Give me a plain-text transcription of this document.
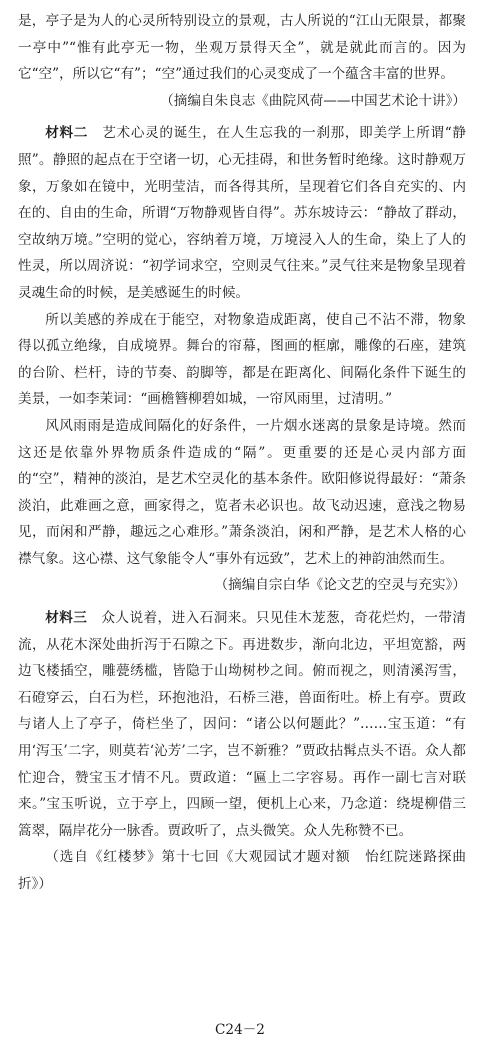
是，亭子是为人的心灵所特别设立的景观，古人所说的“江山无限景，都聚一亭中”“惟有此亭无一物，坐观万景得天全”，就是就此而言的。因为它“空”，所以它“有”；“空”通过我们的心灵变成了一个蕴含丰富的世界。

（摘编自朱良志《曲院风荷——中国艺术论十讲》）

材料二　 艺术心灵的诞生，在人生忘我的一刹那，即美学上所谓“静照”。静照的起点在于空诸一切，心无挂碍，和世务暂时绝缘。这时静观万象，万象如在镜中，光明莹洁，而各得其所，呈现着它们各自充实的、内在的、自由的生命，所谓“万物静观皆自得”。苏东坡诗云：“静故了群动，空故纳万境。”空明的觉心，容纳着万境，万境浸入人的生命，染上了人的性灵，所以周济说：“初学词求空，空则灵气往来。”灵气往来是物象呈现着灵魂生命的时候，是美感诞生的时候。

所以美感的养成在于能空，对物象造成距离，使自己不沾不滞，物象得以孤立绝缘，自成境界。舞台的帘幕，图画的框廓，雕像的石座，建筑的台阶、栏杆，诗的节奏、韵脚等，都是在距离化、间隔化条件下诞生的美景，一如李茉词：“画檐簪柳碧如城，一帘风雨里，过清明。”

风风雨雨是造成间隔化的好条件，一片烟水迷离的景象是诗境。然而这还是依靠外界物质条件造成的“隔”。更重要的还是心灵内部方面的“空”，精神的淡泊，是艺术空灵化的基本条件。欧阳修说得最好：“萧条淡泊，此难画之意，画家得之，览者未必识也。故飞动迟速，意浅之物易见，而闲和严静，趣远之心难形。”萧条淡泊，闲和严静，是艺术人格的心襟气象。这心襟、这气象能令人“事外有远致”，艺术上的神韵油然而生。

（摘编自宗白华《论文艺的空灵与充实》）

材料三　 众人说着，进入石洞来。只见佳木茏葱，奇花烂灼，一带清流，从花木深处曲折泻于石隙之下。再进数步，渐向北边，平坦宽豁，两边飞楼插空，雕甍绣槛，皆隐于山坳树杪之间。俯而视之，则清溪泻雪，石磴穿云，白石为栏，环抱池沿，石桥三港，兽面衔吐。桥上有亭。贾政与诸人上了亭子，倚栏坐了，因问：“诸公以何题此？”……宝玉道：“有用‘泻玉’二字，则莫若‘沁芳’二字，岂不新雅？”贾政拈髯点头不语。众人都忙迎合，赞宝玉才情不凡。贾政道：“匾上二字容易。再作一副七言对联来。”宝玉听说，立于亭上，四顾一望，便机上心来，乃念道：绕堤柳借三篙翠，隔岸花分一脉香。贾政听了，点头微笑。众人先称赞不已。

（选自《红楼梦》第十七回《大观园试才题对额　怡红院迷路探曲折》）

C24－2
